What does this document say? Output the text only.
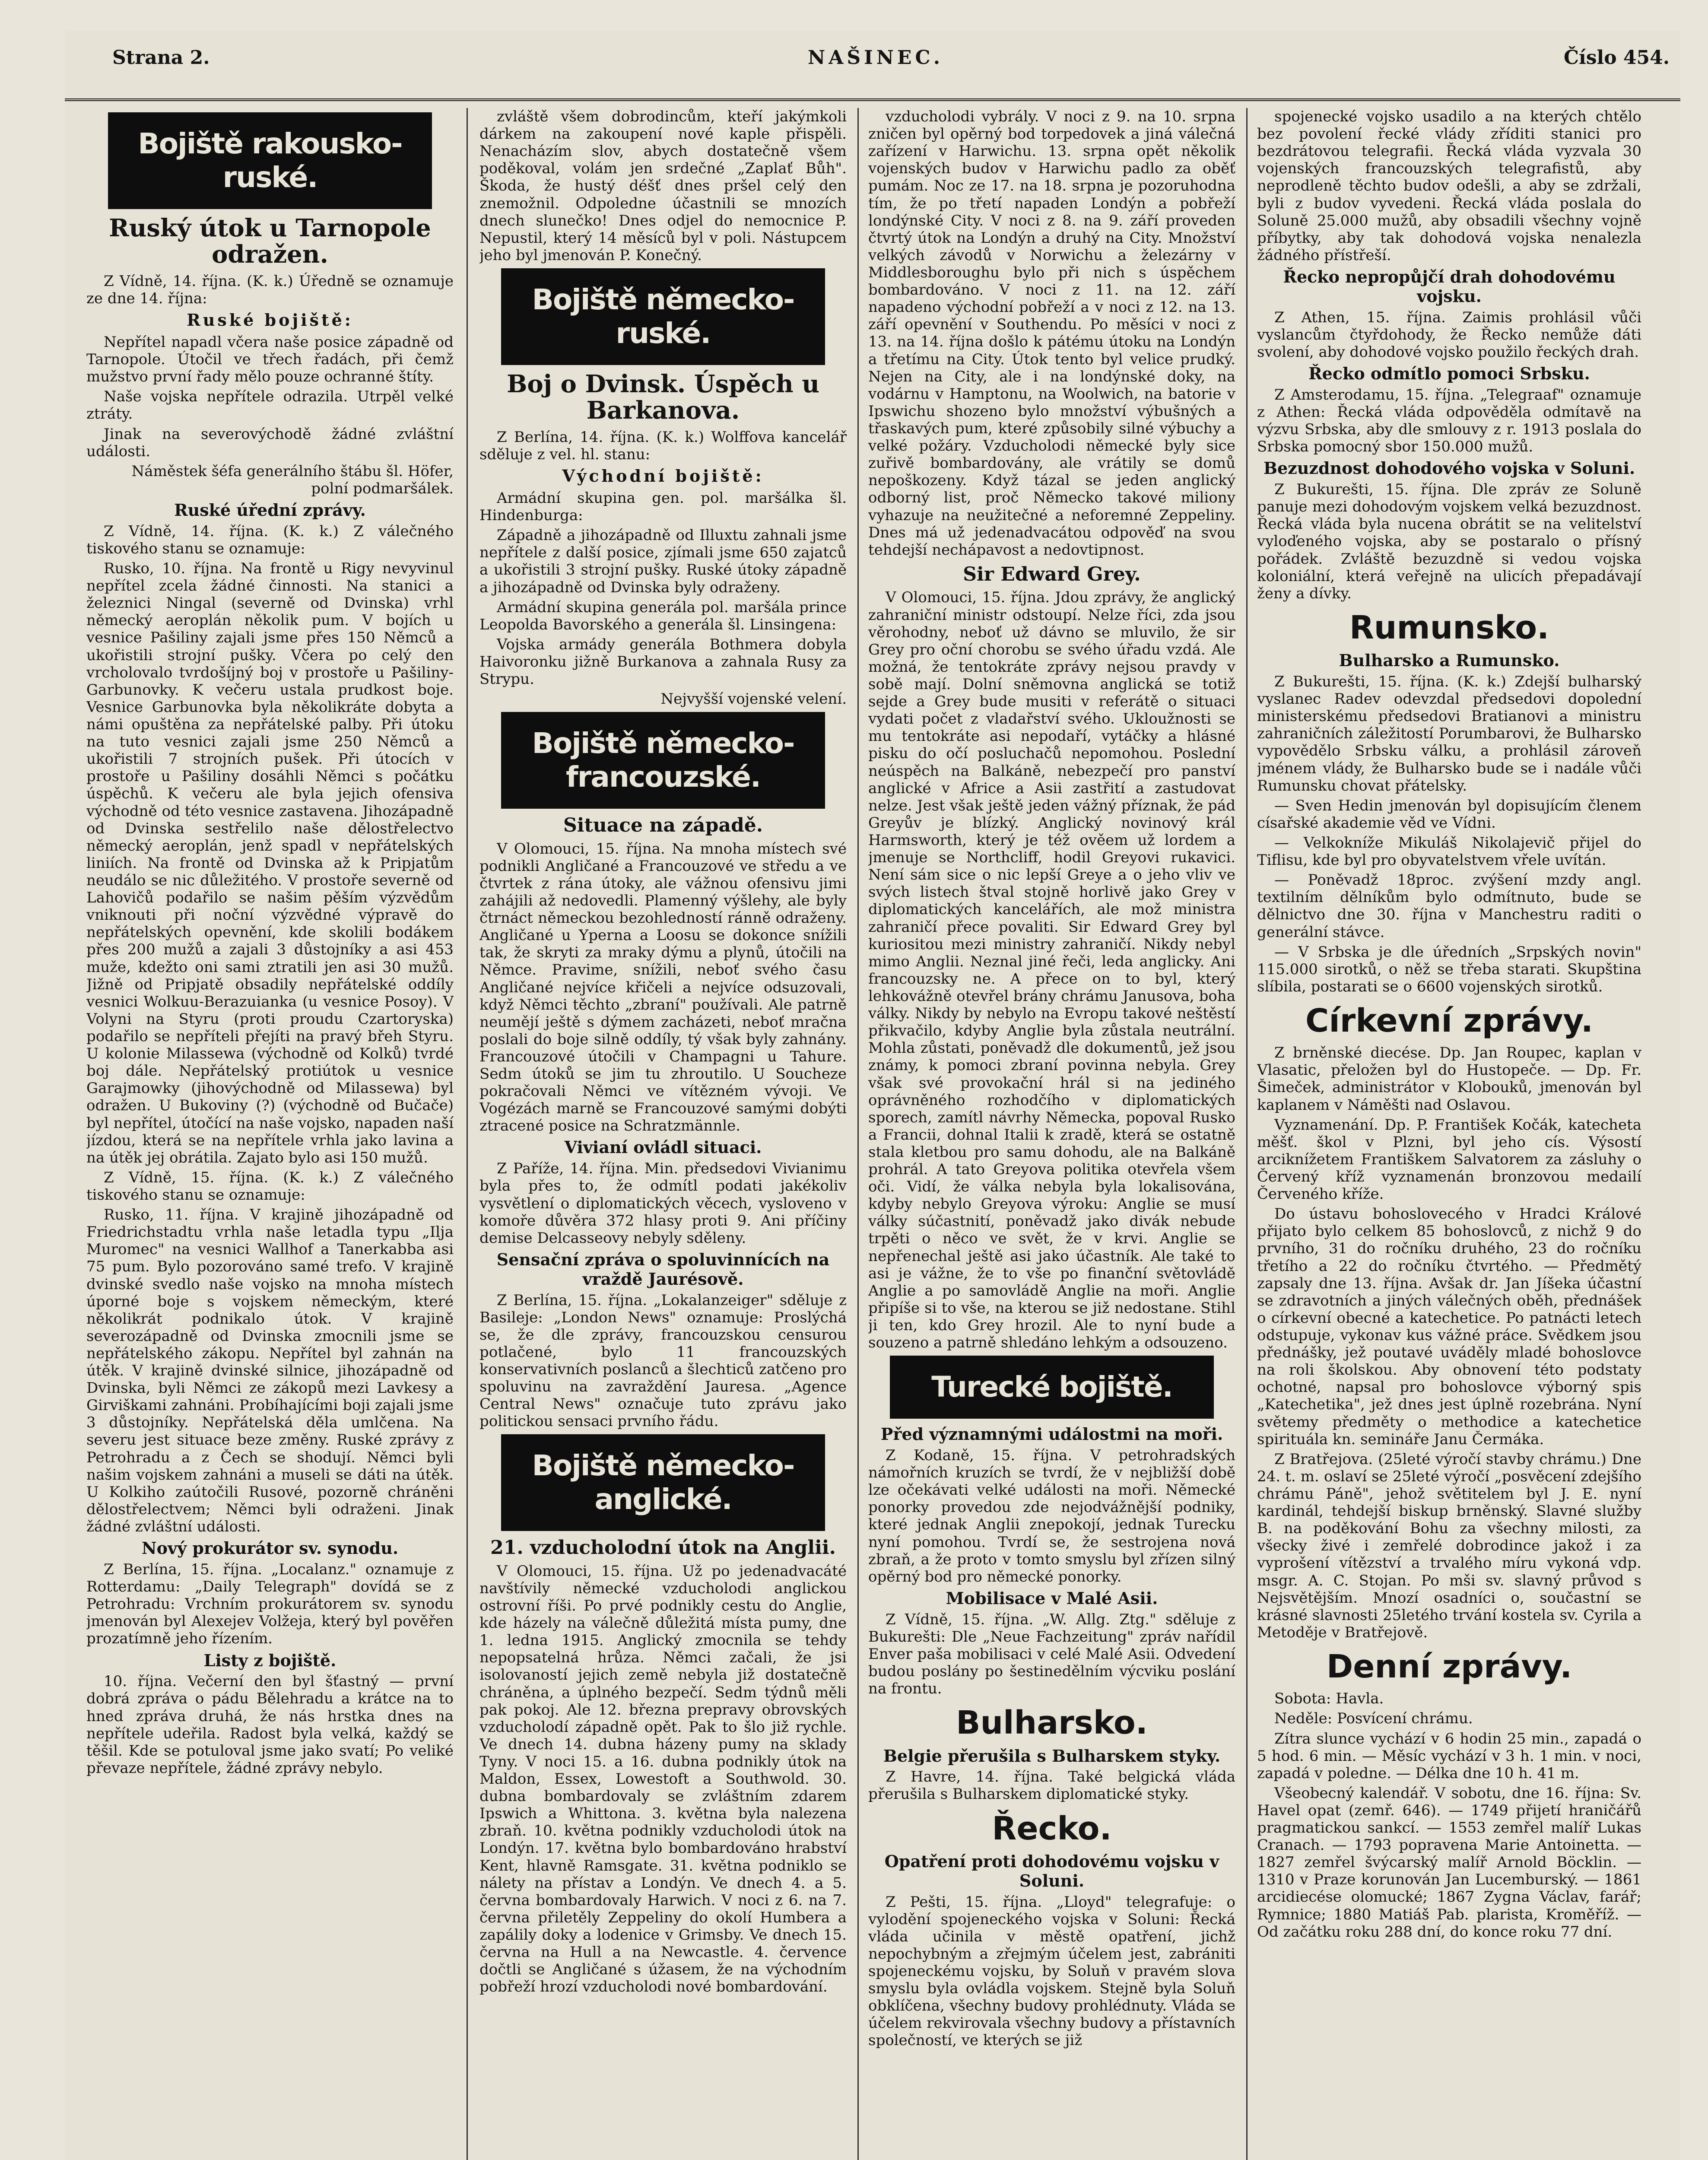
Strana 2.	NAŠINEC.	Číslo 454.
Bojiště rakousko-ruské.
Ruský útok u Tarnopole odražen.

Z Vídně, 14. října. (K. k.) Úředně se oznamuje ze dne 14. října:

Ruské bojiště:

Nepřítel napadl včera naše posice západně od Tarnopole. Útočil ve třech řadách, při čemž mužstvo první řady mělo pouze ochranné štíty.

Naše vojska nepřítele odrazila. Utrpěl velké ztráty.

Jinak na severovýchodě žádné zvláštní události.

Náměstek šéfa generálního štábu šl. Höfer, polní podmaršálek.

Ruské úřední zprávy.

Z Vídně, 14. října. (K. k.) Z válečného tiskového stanu se oznamuje:

Rusko, 10. října. Na frontě u Rigy nevyvinul nepřítel zcela žádné činnosti. Na stanici a železnici Ningal (severně od Dvinska) vrhl německý aeroplán několik pum. V bojích u vesnice Pašiliny zajali jsme přes 150 Němců a ukořistili strojní pušky. Včera po celý den vrcholovalo tvrdošíjný boj v prostoře u Pašiliny-Garbunovky. K večeru ustala prudkost boje. Vesnice Garbunovka byla několikráte dobyta a námi opuštěna za nepřátelské palby. Při útoku na tuto vesnici zajali jsme 250 Němců a ukořistili 7 strojních pušek. Při útocích v prostoře u Pašiliny dosáhli Němci s počátku úspěchů. K večeru ale byla jejich ofensiva východně od této vesnice zastavena. Jihozápadně od Dvinska sestřelilo naše dělostřelectvo německý aeroplán, jenž spadl v nepřátelských liniích. Na frontě od Dvinska až k Pripjatům neudálo se nic důležitého. V prostoře severně od Lahovičů podařilo se našim pěším výzvědům vniknouti při noční výzvědné výpravě do nepřátelských opevnění, kde skolili bodákem přes 200 mužů a zajali 3 důstojníky a asi 453 muže, kdežto oni sami ztratili jen asi 30 mužů. Jižně od Pripjatě obsadily nepřátelské oddíly vesnici Wolkuu-Berazuianka (u vesnice Posoy). V Volyni na Styru (proti proudu Czartoryska) podařilo se nepříteli přejíti na pravý břeh Styru. U kolonie Milassewa (východně od Kolků) tvrdé boj dále. Nepřátelský protiútok u vesnice Garajmowky (jihovýchodně od Milassewa) byl odražen. U Bukoviny (?) (východně od Bučače) byl nepřítel, útočící na naše vojsko, napaden naší jízdou, která se na nepřítele vrhla jako lavina a na útěk jej obrátila. Zajato bylo asi 150 mužů.

Z Vídně, 15. října. (K. k.) Z válečného tiskového stanu se oznamuje:

Rusko, 11. října. V krajině jihozápadně od Friedrichstadtu vrhla naše letadla typu „Ilja Muromec" na vesnici Wallhof a Tanerkabba asi 75 pum. Bylo pozorováno samé trefo. V krajině dvinské svedlo naše vojsko na mnoha místech úporné boje s vojskem německým, které několikrát podnikalo útok. V krajině severozápadně od Dvinska zmocnili jsme se nepřátelského zákopu. Nepřítel byl zahnán na útěk. V krajině dvinské silnice, jihozápadně od Dvinska, byli Němci ze zákopů mezi Lavkesy a Girviškami zahnáni. Probíhajícími boji zajali jsme 3 důstojníky. Nepřátelská děla umlčena. Na severu jest situace beze změny. Ruské zprávy z Petrohradu a z Čech se shodují. Němci byli našim vojskem zahnáni a museli se dáti na útěk. U Kolkiho zaútočili Rusové, pozorně chráněni dělostřelectvem; Němci byli odraženi. Jinak žádné zvláštní události.

Nový prokurátor sv. synodu.

Z Berlína, 15. října. „Localanz." oznamuje z Rotterdamu: „Daily Telegraph" dovídá se z Petrohradu: Vrchním prokurátorem sv. synodu jmenován byl Alexejev Volžeja, který byl pověřen prozatímně jeho řízením.

Listy z bojiště.

10. října. Večerní den byl šťastný — první dobrá zpráva o pádu Bělehradu a krátce na to hned zpráva druhá, že nás hrstka dnes na nepřítele udeřila. Radost byla velká, každý se těšil. Kde se potuloval jsme jako svatí; Po veliké převaze nepřítele, žádné zprávy nebylo.

zvláště všem dobrodincům, kteří jakýmkoli dárkem na zakoupení nové kaple přispěli. Nenacházím slov, abych dostatečně všem poděkoval, volám jen srdečné „Zaplať Bůh". Škoda, že hustý déšť dnes pršel celý den znemožnil. Odpoledne účastnili se mnozích dnech slunečko! Dnes odjel do nemocnice P. Nepustil, který 14 měsíců byl v poli. Nástupcem jeho byl jmenován P. Konečný.

Bojiště německo-ruské.
Boj o Dvinsk. Úspěch u Barkanova.

Z Berlína, 14. října. (K. k.) Wolffova kancelář sděluje z vel. hl. stanu:

Východní bojiště:

Armádní skupina gen. pol. maršálka šl. Hindenburga:

Západně a jihozápadně od Illuxtu zahnali jsme nepřítele z další posice, zjímali jsme 650 zajatců a ukořistili 3 strojní pušky. Ruské útoky západně a jihozápadně od Dvinska byly odraženy.

Armádní skupina generála pol. maršála prince Leopolda Bavorského a generála šl. Linsingena:

Vojska armády generála Bothmera dobyla Haivoronku jižně Burkanova a zahnala Rusy za Strypu.

Nejvyšší vojenské velení.

Bojiště německo-francouzské.
Situace na západě.

V Olomouci, 15. října. Na mnoha místech své podnikli Angličané a Francouzové ve středu a ve čtvrtek z rána útoky, ale vážnou ofensivu jimi zahájili až nedovedli. Plamenný výšlehy, ale byly čtrnáct německou bezohledností ránně odraženy. Angličané u Yperna a Loosu se dokonce snížili tak, že skryti za mraky dýmu a plynů, útočili na Němce. Pravime, snížili, neboť svého času Angličané nejvíce křičeli a nejvíce odsuzovali, když Němci těchto „zbraní" používali. Ale patrně neumějí ještě s dýmem zacházeti, neboť mračna poslali do boje silně oddíly, tý však byly zahnány. Francouzové útočili v Champagni u Tahure. Sedm útoků se jim tu zhroutilo. U Soucheze pokračovali Němci ve vítězném vývoji. Ve Vogézách marně se Francouzové samými dobýti ztracené posice na Schratzmännle.

Vivianí ovládl situaci.

Z Paříže, 14. října. Min. předsedovi Vivianimu byla přes to, že odmítl podati jakékoliv vysvětlení o diplomatických věcech, vysloveno v komoře důvěra 372 hlasy proti 9. Ani příčiny demise Delcasseovy nebyly sděleny.

Sensační zpráva o spoluvinnících na vraždě Jaurésově.

Z Berlína, 15. října. „Lokalanzeiger" sděluje z Basileje: „London News" oznamuje: Proslýchá se, že dle zprávy, francouzskou censurou potlačené, bylo 11 francouzských konservativních poslanců a šlechticů zatčeno pro spoluvinu na zavraždění Jauresa. „Agence Central News" označuje tuto zprávu jako politickou sensaci prvního řádu.

Bojiště německo-anglické.
21. vzducholodní útok na Anglii.

V Olomouci, 15. října. Už po jedenadvacáté navštívily německé vzducholodi anglickou ostrovní říši. Po prvé podnikly cestu do Anglie, kde házely na válečně důležitá místa pumy, dne 1. ledna 1915. Anglický zmocnila se tehdy nepopsatelná hrůza. Němci začali, že jsi isolovaností jejich země nebyla již dostatečně chráněna, a úplného bezpečí. Sedm týdnů měli pak pokoj. Ale 12. března prepravy obrovských vzducholodí západně opět. Pak to šlo již rychle. Ve dnech 14. dubna házeny pumy na sklady Tyny. V noci 15. a 16. dubna podnikly útok na Maldon, Essex, Lowestoft a Southwold. 30. dubna bombardovaly se zvláštním zdarem Ipswich a Whittona. 3. května byla nalezena zbraň. 10. května podnikly vzducholodi útok na Londýn. 17. května bylo bombardováno hrabství Kent, hlavně Ramsgate. 31. května podniklo se nálety na přístav a Londýn. Ve dnech 4. a 5. června bombardovaly Harwich. V noci z 6. na 7. června přiletěly Zeppeliny do okolí Humbera a zapálily doky a lodenice v Grimsby. Ve dnech 15. června na Hull a na Newcastle. 4. července dočtli se Angličané s úžasem, že na východním pobřeží hrozí vzducholodi nové bombardování.

vzducholodi vybrály. V noci z 9. na 10. srpna zničen byl opěrný bod torpedovek a jiná válečná zařízení v Harwichu. 13. srpna opět několik vojenských budov v Harwichu padlo za oběť pumám. Noc ze 17. na 18. srpna je pozoruhodna tím, že po třetí napaden Londýn a pobřeží londýnské City. V noci z 8. na 9. září proveden čtvrtý útok na Londýn a druhý na City. Množství velkých závodů v Norwichu a železárny v Middlesboroughu bylo při nich s úspěchem bombardováno. V noci z 11. na 12. září napadeno východní pobřeží a v noci z 12. na 13. září opevnění v Southendu. Po měsíci v noci z 13. na 14. října došlo k pátému útoku na Londýn a třetímu na City. Útok tento byl velice prudký. Nejen na City, ale i na londýnské doky, na vodárnu v Hamptonu, na Woolwich, na batorie v Ipswichu shozeno bylo množství výbušných a třaskavých pum, které způsobily silné výbuchy a velké požáry. Vzducholodi německé byly sice zuřivě bombardovány, ale vrátily se domů nepoškozeny. Když tázal se jeden anglický odborný list, proč Německo takové miliony vyhazuje na neužitečné a neforemné Zeppeliny. Dnes má už jedenadvacátou odpověď na svou tehdejší nechápavost a nedovtipnost.

Sir Edward Grey.

V Olomouci, 15. října. Jdou zprávy, že anglický zahraniční ministr odstoupí. Nelze říci, zda jsou věrohodny, neboť už dávno se mluvilo, že sir Grey pro oční chorobu se svého úřadu vzdá. Ale možná, že tentokráte zprávy nejsou pravdy v sobě mají. Dolní sněmovna anglická se totiž sejde a Grey bude musiti v referátě o situaci vydati počet z vladařství svého. Ukloužnosti se mu tentokráte asi nepodaří, vytáčky a hlásné pisku do očí posluchačů nepomohou. Poslední neúspěch na Balkáně, nebezpečí pro panství anglické v Africe a Asii zastřití a zastudovat nelze. Jest však ještě jeden vážný příznak, že pád Greyův je blízký. Anglický novinový král Harmsworth, který je též ověem už lordem a jmenuje se Northcliff, hodil Greyovi rukavici. Není sám sice o nic lepší Greye a o jeho vliv ve svých listech štval stojně horlivě jako Grey v diplomatických kancelářích, ale mož ministra zahraničí přece povaliti. Sir Edward Grey byl kuriositou mezi ministry zahraničí. Nikdy nebyl mimo Anglii. Neznal jiné řeči, leda anglicky. Ani francouzsky ne. A přece on to byl, který lehkovážně otevřel brány chrámu Janusova, boha války. Nikdy by nebylo na Evropu takové neštěstí přikvačilo, kdyby Anglie byla zůstala neutrální. Mohla zůstati, poněvadž dle dokumentů, jež jsou známy, k pomoci zbraní povinna nebyla. Grey však své provokační hrál si na jediného oprávněného rozhodčího v diplomatických sporech, zamítl návrhy Německa, popoval Rusko a Francii, dohnal Italii k zradě, která se ostatně stala kletbou pro samu dohodu, ale na Balkáně prohrál. A tato Greyova politika otevřela všem oči. Vidí, že válka nebyla byla lokalisována, kdyby nebylo Greyova výroku: Anglie se musí války súčastnití, poněvadž jako divák nebude trpěti o něco ve svět, že v krvi. Anglie se nepřenechal ještě asi jako účastník. Ale také to asi je vážne, že to vše po finanční světovládě Anglie a po samovládě Anglie na moři. Anglie připíše si to vše, na kterou se již nedostane. Stihl ji ten, kdo Grey hrozil. Ale to nyní bude a souzeno a patrně shledáno lehkým a odsouzeno.

Turecké bojiště.
Před významnými událostmi na moři.

Z Kodaně, 15. října. V petrohradských námořních kruzích se tvrdí, že v nejbližší době lze očekávati velké události na moři. Německé ponorky provedou zde nejodvážnější podniky, které jednak Anglii znepokojí, jednak Turecku nyní pomohou. Tvrdí se, že sestrojena nová zbraň, a že proto v tomto smyslu byl zřízen silný opěrný bod pro německé ponorky.

Mobilisace v Malé Asii.

Z Vídně, 15. října. „W. Allg. Ztg." sděluje z Bukurešti: Dle „Neue Fachzeitung" zpráv nařídil Enver paša mobilisaci v celé Malé Asii. Odvedení budou poslány po šestinedělním výcviku poslání na frontu.

Bulharsko.
Belgie přerušila s Bulharskem styky.

Z Havre, 14. října. Také belgická vláda přerušila s Bulharskem diplomatické styky.

Řecko.
Opatření proti dohodovému vojsku v Soluni.

Z Pešti, 15. října. „Lloyd" telegrafuje: o vylodění spojeneckého vojska v Soluni: Řecká vláda učinila v městě opatření, jichž nepochybným a zřejmým účelem jest, zabrániti spojeneckému vojsku, by Soluň v pravém slova smyslu byla ovládla vojskem. Stejně byla Soluň obklíčena, všechny budovy prohlédnuty. Vláda se účelem rekvirovala všechny budovy a přístavních společností, ve kterých se již

spojenecké vojsko usadilo a na kterých chtělo bez povolení řecké vlády zříditi stanici pro bezdrátovou telegrafii. Řecká vláda vyzvala 30 vojenských francouzských telegrafistů, aby neprodleně těchto budov odešli, a aby se zdržali, byli z budov vyvedeni. Řecká vláda poslala do Soluně 25.000 mužů, aby obsadili všechny vojně příbytky, aby tak dohodová vojska nenalezla žádného přístřeší.

Řecko nepropůjčí drah dohodovému vojsku.

Z Athen, 15. října. Zaimis prohlásil vůči vyslancům čtyřdohody, že Řecko nemůže dáti svolení, aby dohodové vojsko použilo řeckých drah.

Řecko odmítlo pomoci Srbsku.

Z Amsterodamu, 15. října. „Telegraaf" oznamuje z Athen: Řecká vláda odpověděla odmítavě na výzvu Srbska, aby dle smlouvy z r. 1913 poslala do Srbska pomocný sbor 150.000 mužů.

Bezuzdnost dohodového vojska v Soluni.

Z Bukurešti, 15. října. Dle zpráv ze Soluně panuje mezi dohodovým vojskem velká bezuzdnost. Řecká vláda byla nucena obrátit se na velitelství vyloďeného vojska, aby se postaralo o přísný pořádek. Zvláště bezuzdně si vedou vojska koloniální, která veřejně na ulicích přepadávají ženy a dívky.

Rumunsko.
Bulharsko a Rumunsko.

Z Bukurešti, 15. října. (K. k.) Zdejší bulharský vyslanec Radev odevzdal předsedovi dopolední ministerskému předsedovi Bratianovi a ministru zahraničních záležitostí Porumbarovi, že Bulharsko vypovědělo Srbsku válku, a prohlásil zároveň jménem vlády, že Bulharsko bude se i nadále vůči Rumunsku chovat přátelsky.

— Sven Hedin jmenován byl dopisujícím členem císařské akademie věd ve Vídni.

— Velkokníže Mikuláš Nikolajevič přijel do Tiflisu, kde byl pro obyvatelstvem vřele uvítán.

— Poněvadž 18proc. zvýšení mzdy angl. textilním dělníkům bylo odmítnuto, bude se dělnictvo dne 30. října v Manchestru raditi o generální stávce.

— V Srbska je dle úředních „Srpských novin" 115.000 sirotků, o něž se třeba starati. Skupština slíbila, postarati se o 6600 vojenských sirotků.

Církevní zprávy.

Z brněnské diecése. Dp. Jan Roupec, kaplan v Vlasatic, přeložen byl do Hustopeče. — Dp. Fr. Šimeček, administrátor v Klobouků, jmenován byl kaplanem v Náměšti nad Oslavou.

Vyznamenání. Dp. P. František Kočák, katecheta měšť. škol v Plzni, byl jeho cís. Výsostí arciknížetem Františkem Salvatorem za zásluhy o Červený kříž vyznamenán bronzovou medailí Červeného kříže.

Do ústavu bohoslovecého v Hradci Králové přijato bylo celkem 85 bohoslovců, z nichž 9 do prvního, 31 do ročníku druhého, 23 do ročníku třetího a 22 do ročníku čtvrtého. — Předmětý zapsaly dne 13. října. Avšak dr. Jan Jíšeka účastní se zdravotních a jiných válečných oběh, přednášek o církevní obecné a katechetice. Po patnácti letech odstupuje, vykonav kus vážné práce. Svědkem jsou přednášky, jež poutavé uváděly mladé bohoslovce na roli školskou. Aby obnovení této podstaty ochotné, napsal pro bohoslovce výborný spis „Katechetika", jež dnes jest úplně rozebrána. Nyní světemy předměty o methodice a katechetice spirituála kn. semináře Janu Čermáka.

Z Bratřejova. (25leté výročí stavby chrámu.) Dne 24. t. m. oslaví se 25leté výročí „posvěcení zdejšího chrámu Páně", jehož světitelem byl J. E. nyní kardinál, tehdejší biskup brněnský. Slavné služby B. na poděkování Bohu za všechny milosti, za všecky živé i zemřelé dobrodince jakož i za vyprošení vítězství a trvalého míru vykoná vdp. msgr. A. C. Stojan. Po mši sv. slavný průvod s Nejsvětějším. Mnozí osadníci o, součastní se krásné slavnosti 25letého trvání kostela sv. Cyrila a Metoděje v Bratřejově.

Denní zprávy.

Sobota: Havla.

Neděle: Posvícení chrámu.

Zítra slunce vychází v 6 hodin 25 min., zapadá o 5 hod. 6 min. — Měsíc vychází v 3 h. 1 min. v noci, zapadá v poledne. — Délka dne 10 h. 41 m.

Všeobecný kalendář. V sobotu, dne 16. října: Sv. Havel opat (zemř. 646). — 1749 přijetí hraničářů pragmatickou sankcí. — 1553 zemřel malíř Lukas Cranach. — 1793 popravena Marie Antoinetta. — 1827 zemřel švýcarský malíř Arnold Böcklin. — 1310 v Praze korunován Jan Lucemburský. — 1861 arcidiecése olomucké; 1867 Zygna Václav, farář; Rymnice; 1880 Matiáš Pab. plarista, Kroměříž. — Od začátku roku 288 dní, do konce roku 77 dní.
